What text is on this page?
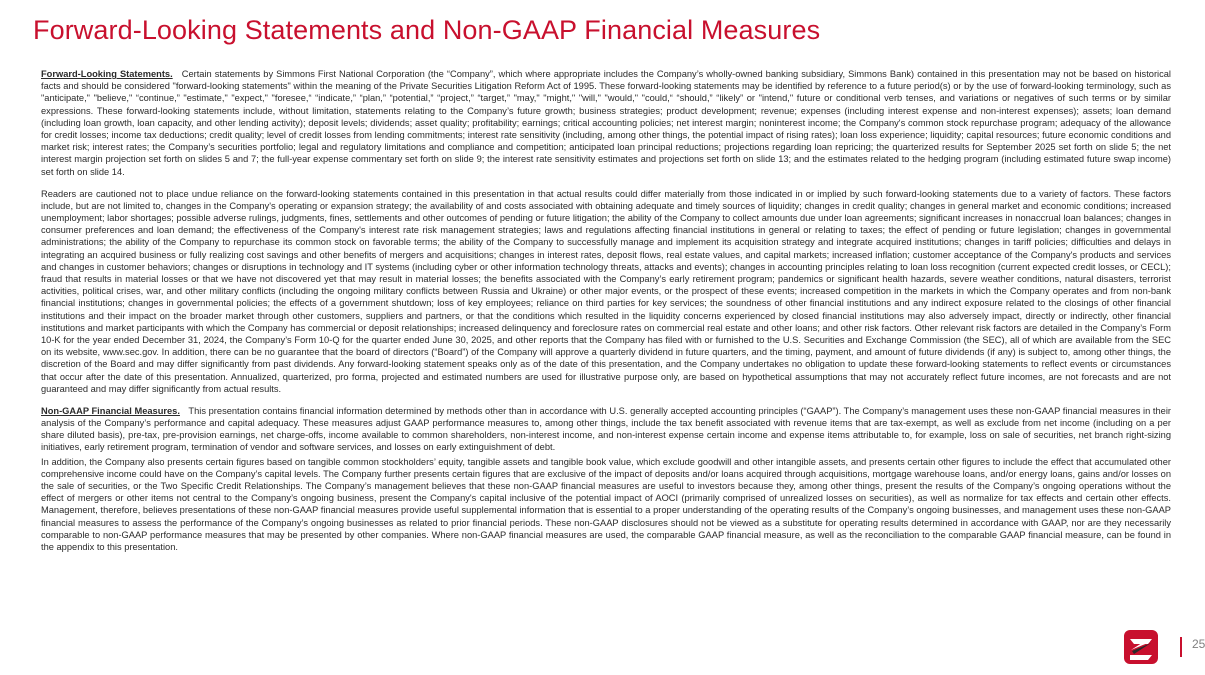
Forward-Looking Statements and Non-GAAP Financial Measures

Forward-Looking Statements. Certain statements by Simmons First National Corporation (the “Company”, which where appropriate includes the Company’s wholly-owned banking subsidiary, Simmons Bank) contained in this presentation may not be based on historical facts and should be considered "forward-looking statements" within the meaning of the Private Securities Litigation Reform Act of 1995. These forward-looking statements may be identified by reference to a future period(s) or by the use of forward-looking terminology, such as "anticipate," "believe," “continue,” "estimate," "expect," "foresee,“ “indicate,” “plan,” “potential,” “project,” “target,” "may," "might," "will," "would," "could,“ “should,” “likely” or "intend," future or conditional verb tenses, and variations or negatives of such terms or by similar expressions. These forward-looking statements include, without limitation, statements relating to the Company’s future growth; business strategies; product development; revenue; expenses (including interest expense and non-interest expenses); assets; loan demand (including loan growth, loan capacity, and other lending activity); deposit levels; dividends; asset quality; profitability; earnings; critical accounting policies; net interest margin; noninterest income; the Company's common stock repurchase program; adequacy of the allowance for credit losses; income tax deductions; credit quality; level of credit losses from lending commitments; interest rate sensitivity (including, among other things, the potential impact of rising rates); loan loss experience; liquidity; capital resources; future economic conditions and market risk; interest rates; the Company’s securities portfolio; legal and regulatory limitations and compliance and competition; anticipated loan principal reductions; projections regarding loan repricing; the quarterized results for September 2025 set forth on slide 5; the net interest margin projection set forth on slides 5 and 7; the full-year expense commentary set forth on slide 9; the interest rate sensitivity estimates and projections set forth on slide 13; and the estimates related to the hedging program (including estimated future swap income) set forth on slide 14.

Readers are cautioned not to place undue reliance on the forward-looking statements contained in this presentation in that actual results could differ materially from those indicated in or implied by such forward-looking statements due to a variety of factors. These factors include, but are not limited to, changes in the Company's operating or expansion strategy; the availability of and costs associated with obtaining adequate and timely sources of liquidity; changes in credit quality; changes in general market and economic conditions; increased unemployment; labor shortages; possible adverse rulings, judgments, fines, settlements and other outcomes of pending or future litigation; the ability of the Company to collect amounts due under loan agreements; significant increases in nonaccrual loan balances; changes in consumer preferences and loan demand; the effectiveness of the Company's interest rate risk management strategies; laws and regulations affecting financial institutions in general or relating to taxes; the effect of pending or future legislation; changes in governmental administrations; the ability of the Company to repurchase its common stock on favorable terms; the ability of the Company to successfully manage and implement its acquisition strategy and integrate acquired institutions; changes in tariff policies; difficulties and delays in integrating an acquired business or fully realizing cost savings and other benefits of mergers and acquisitions; changes in interest rates, deposit flows, real estate values, and capital markets; increased inflation; customer acceptance of the Company's products and services and changes in customer behaviors; changes or disruptions in technology and IT systems (including cyber or other information technology threats, attacks and events); changes in accounting principles relating to loan loss recognition (current expected credit losses, or CECL); fraud that results in material losses or that we have not discovered yet that may result in material losses; the benefits associated with the Company’s early retirement program; pandemics or significant health hazards, severe weather conditions, natural disasters, terrorist activities, political crises, war, and other military conflicts (including the ongoing military conflicts between Russia and Ukraine) or other major events, or the prospect of these events; increased competition in the markets in which the Company operates and from non-bank financial institutions; changes in governmental policies; the effects of a government shutdown; loss of key employees; reliance on third parties for key services; the soundness of other financial institutions and any indirect exposure related to the closings of other financial institutions and their impact on the broader market through other customers, suppliers and partners, or that the conditions which resulted in the liquidity concerns experienced by closed financial institutions may also adversely impact, directly or indirectly, other financial institutions and market participants with which the Company has commercial or deposit relationships; increased delinquency and foreclosure rates on commercial real estate and other loans; and other risk factors. Other relevant risk factors are detailed in the Company’s Form 10-K for the year ended December 31, 2024, the Company’s Form 10-Q for the quarter ended June 30, 2025, and other reports that the Company has filed with or furnished to the U.S. Securities and Exchange Commission (the SEC), all of which are available from the SEC on its website, www.sec.gov. In addition, there can be no guarantee that the board of directors (“Board”) of the Company will approve a quarterly dividend in future quarters, and the timing, payment, and amount of future dividends (if any) is subject to, among other things, the discretion of the Board and may differ significantly from past dividends. Any forward-looking statement speaks only as of the date of this presentation, and the Company undertakes no obligation to update these forward-looking statements to reflect events or circumstances that occur after the date of this presentation. Annualized, quarterized, pro forma, projected and estimated numbers are used for illustrative purpose only, are based on hypothetical assumptions that may not accurately reflect future incomes, are not forecasts and are not guaranteed and may differ significantly from actual results.

Non-GAAP Financial Measures. This presentation contains financial information determined by methods other than in accordance with U.S. generally accepted accounting principles (“GAAP”). The Company’s management uses these non-GAAP financial measures in their analysis of the Company’s performance and capital adequacy. These measures adjust GAAP performance measures to, among other things, include the tax benefit associated with revenue items that are tax-exempt, as well as exclude from net income (including on a per share diluted basis), pre-tax, pre-provision earnings, net charge-offs, income available to common shareholders, non-interest income, and non-interest expense certain income and expense items attributable to, for example, loss on sale of securities, net branch right-sizing initiatives, early retirement program, termination of vendor and software services, and losses on early extinguishment of debt.

In addition, the Company also presents certain figures based on tangible common stockholders’ equity, tangible assets and tangible book value, which exclude goodwill and other intangible assets, and presents certain other figures to include the effect that accumulated other comprehensive income could have on the Company’s capital levels. The Company further presents certain figures that are exclusive of the impact of deposits and/or loans acquired through acquisitions, mortgage warehouse loans, and/or energy loans, gains and/or losses on the sale of securities, or the Two Specific Credit Relationships. The Company’s management believes that these non-GAAP financial measures are useful to investors because they, among other things, present the results of the Company’s ongoing operations without the effect of mergers or other items not central to the Company’s ongoing business, present the Company's capital inclusive of the potential impact of AOCI (primarily comprised of unrealized losses on securities), as well as normalize for tax effects and certain other effects. Management, therefore, believes presentations of these non-GAAP financial measures provide useful supplemental information that is essential to a proper understanding of the operating results of the Company’s ongoing businesses, and management uses these non-GAAP financial measures to assess the performance of the Company’s ongoing businesses as related to prior financial periods. These non-GAAP disclosures should not be viewed as a substitute for operating results determined in accordance with GAAP, nor are they necessarily comparable to non-GAAP performance measures that may be presented by other companies. Where non-GAAP financial measures are used, the comparable GAAP financial measure, as well as the reconciliation to the comparable GAAP financial measure, can be found in the appendix to this presentation.

25
